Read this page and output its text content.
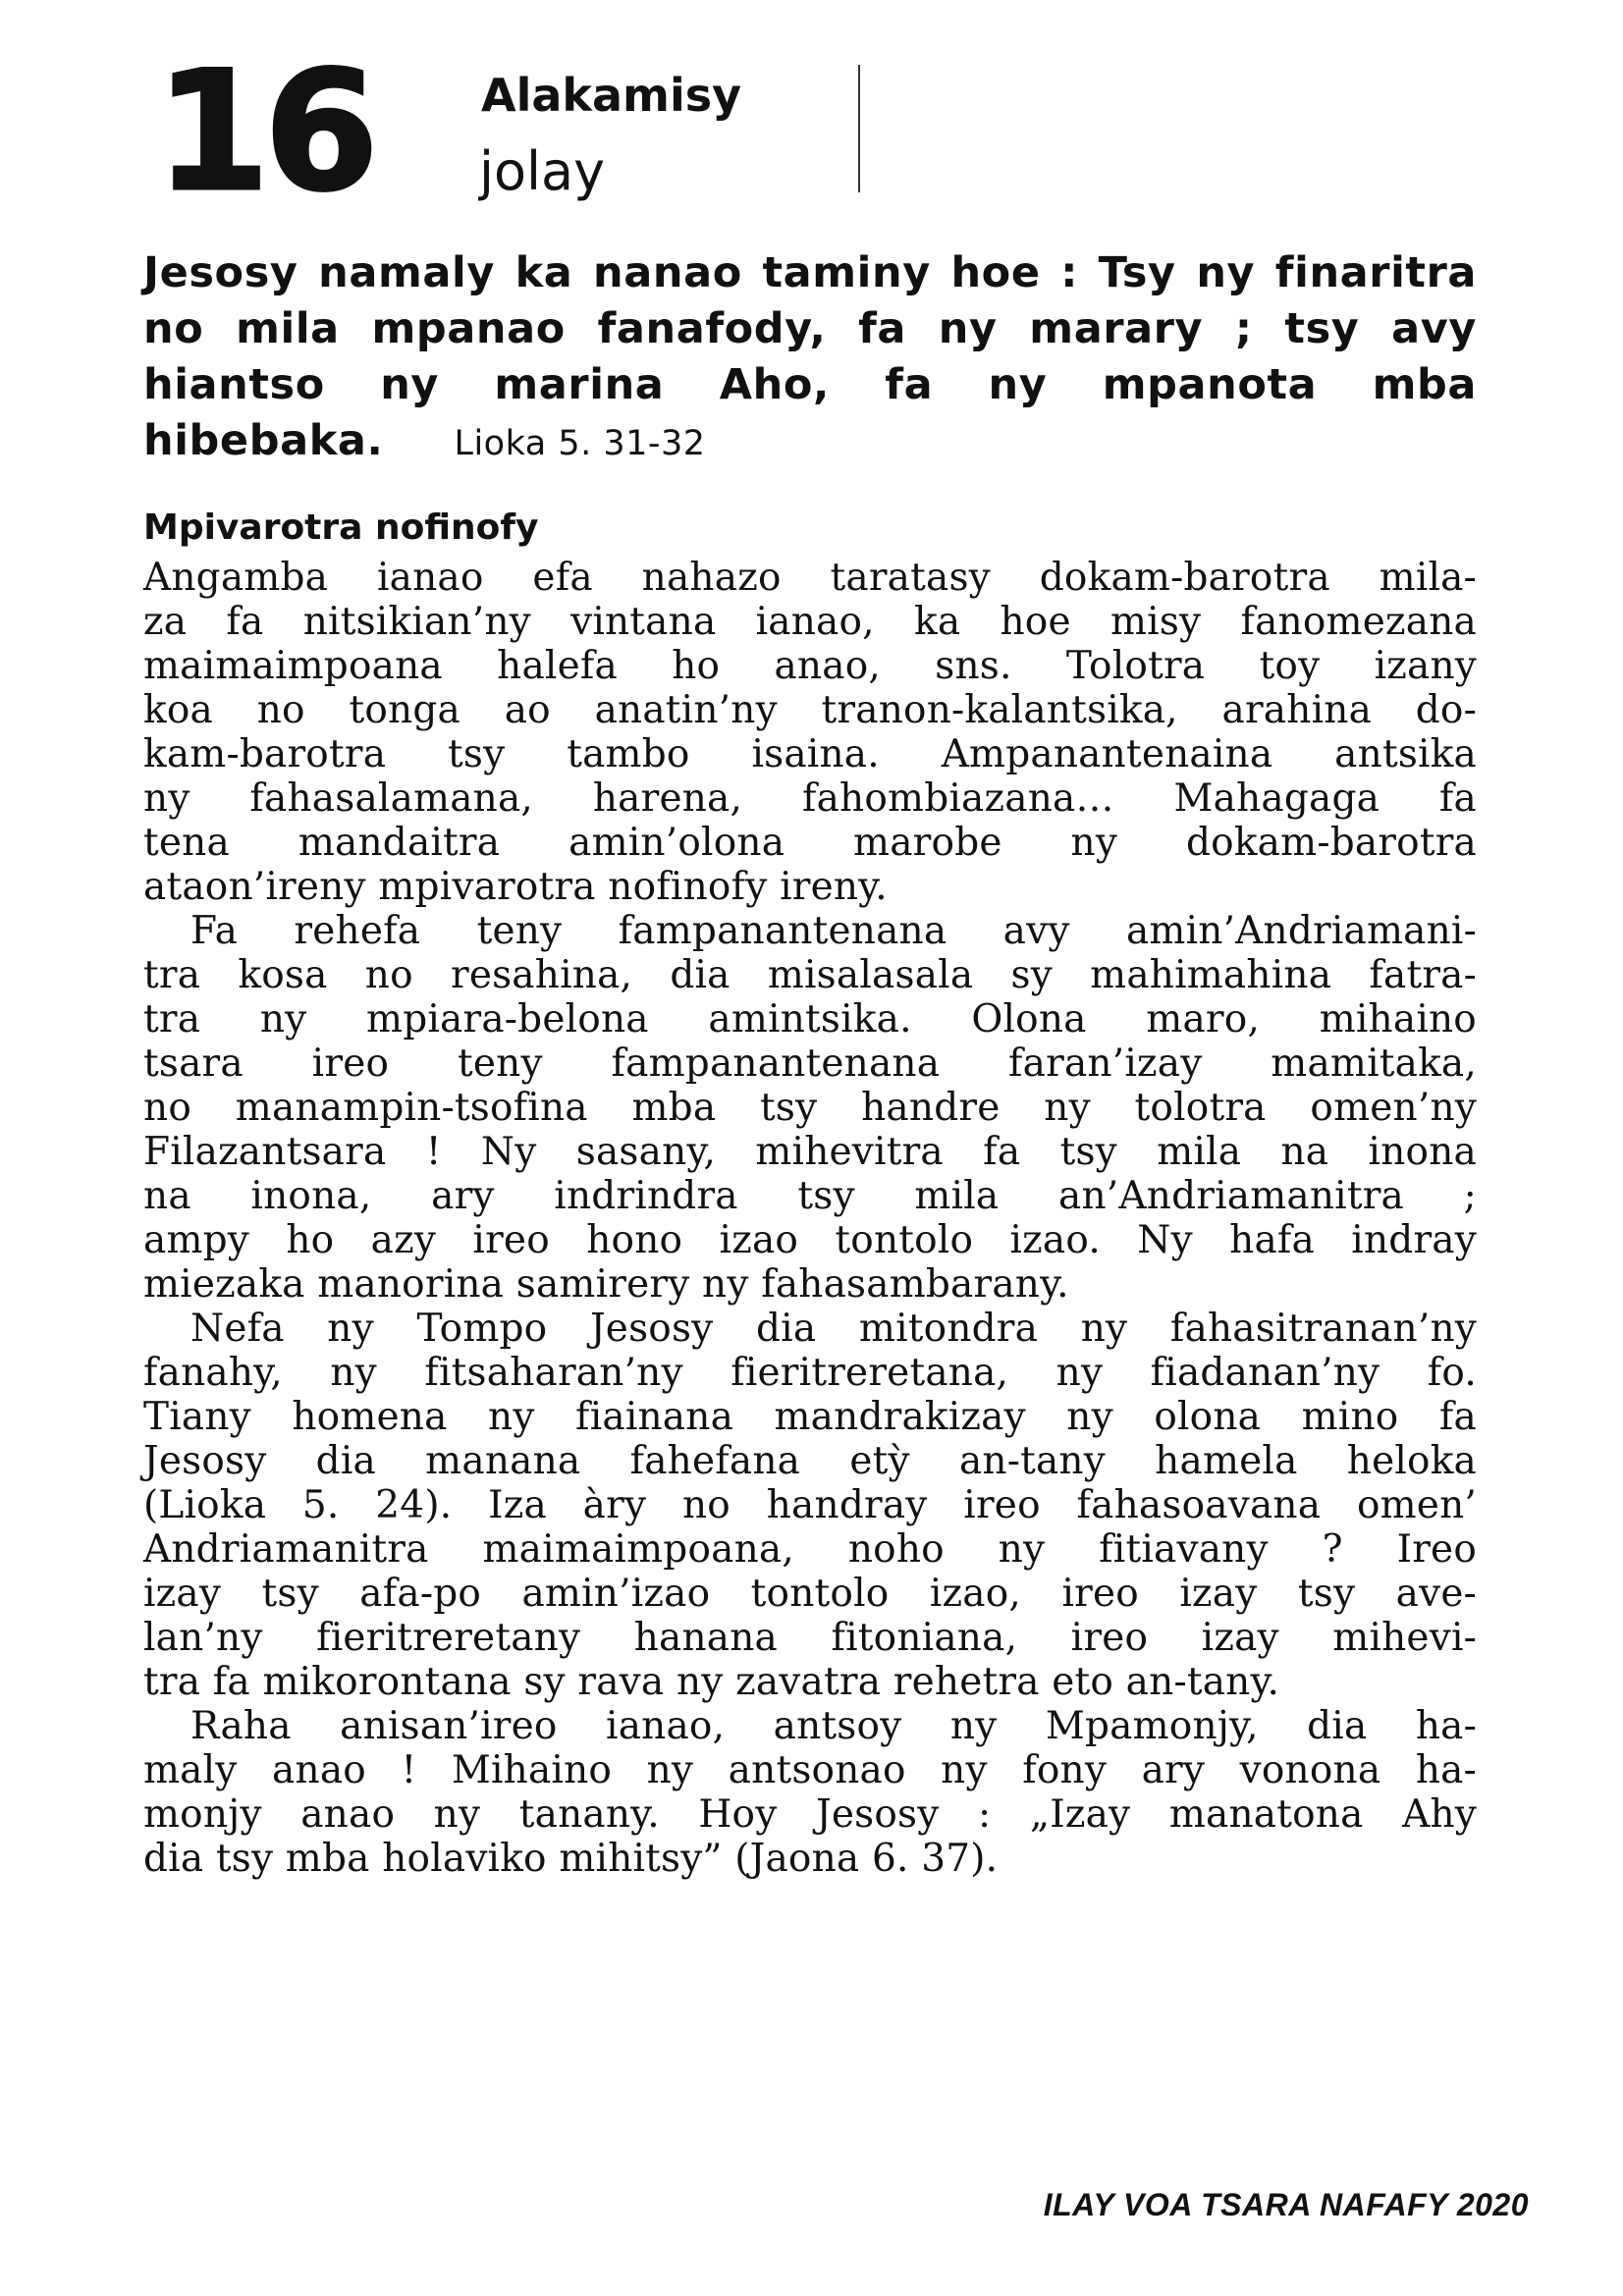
16 Alakamisy
jolay
Jesosy namaly ka nanao taminy hoe : Tsy ny finaritra no mila mpanao fanafody, fa ny marary ; tsy avy hiantso ny marina Aho, fa ny mpanota mba hibebaka. Lioka 5. 31-32
Mpivarotra nofinofy
Angamba ianao efa nahazo taratasy dokam-barotra mila-
za fa nitsikian’ny vintana ianao, ka hoe misy fanomezana
maimaimpoana halefa ho anao, sns. Tolotra toy izany
koa no tonga ao anatin’ny tranon-kalantsika, arahina do-
kam-barotra tsy tambo isaina. Ampanantenaina antsika
ny fahasalamana, harena, fahombiazana… Mahagaga fa
tena mandaitra amin’olona marobe ny dokam-barotra
ataon’ireny mpivarotra nofinofy ireny.
Fa rehefa teny fampanantenana avy amin’Andriamani-
tra kosa no resahina, dia misalasala sy mahimahina fatra-
tra ny mpiara-belona amintsika. Olona maro, mihaino
tsara ireo teny fampanantenana faran’izay mamitaka,
no manampin-tsofina mba tsy handre ny tolotra omen’ny
Filazantsara ! Ny sasany, mihevitra fa tsy mila na inona
na inona, ary indrindra tsy mila an’Andriamanitra ;
ampy ho azy ireo hono izao tontolo izao. Ny hafa indray
miezaka manorina samirery ny fahasambarany.
Nefa ny Tompo Jesosy dia mitondra ny fahasitranan’ny
fanahy, ny fitsaharan’ny fieritreretana, ny fiadanan’ny fo.
Tiany homena ny fiainana mandrakizay ny olona mino fa
Jesosy dia manana fahefana etỳ an-tany hamela heloka
(Lioka 5. 24). Iza àry no handray ireo fahasoavana omen’
Andriamanitra maimaimpoana, noho ny fitiavany ? Ireo
izay tsy afa-po amin’izao tontolo izao, ireo izay tsy ave-
lan’ny fieritreretany hanana fitoniana, ireo izay mihevi-
tra fa mikorontana sy rava ny zavatra rehetra eto an-tany.
Raha anisan’ireo ianao, antsoy ny Mpamonjy, dia ha-
maly anao ! Mihaino ny antsonao ny fony ary vonona ha-
monjy anao ny tanany. Hoy Jesosy : „Izay manatona Ahy
dia tsy mba holaviko mihitsy” (Jaona 6. 37).
ILAY VOA TSARA NAFAFY 2020
